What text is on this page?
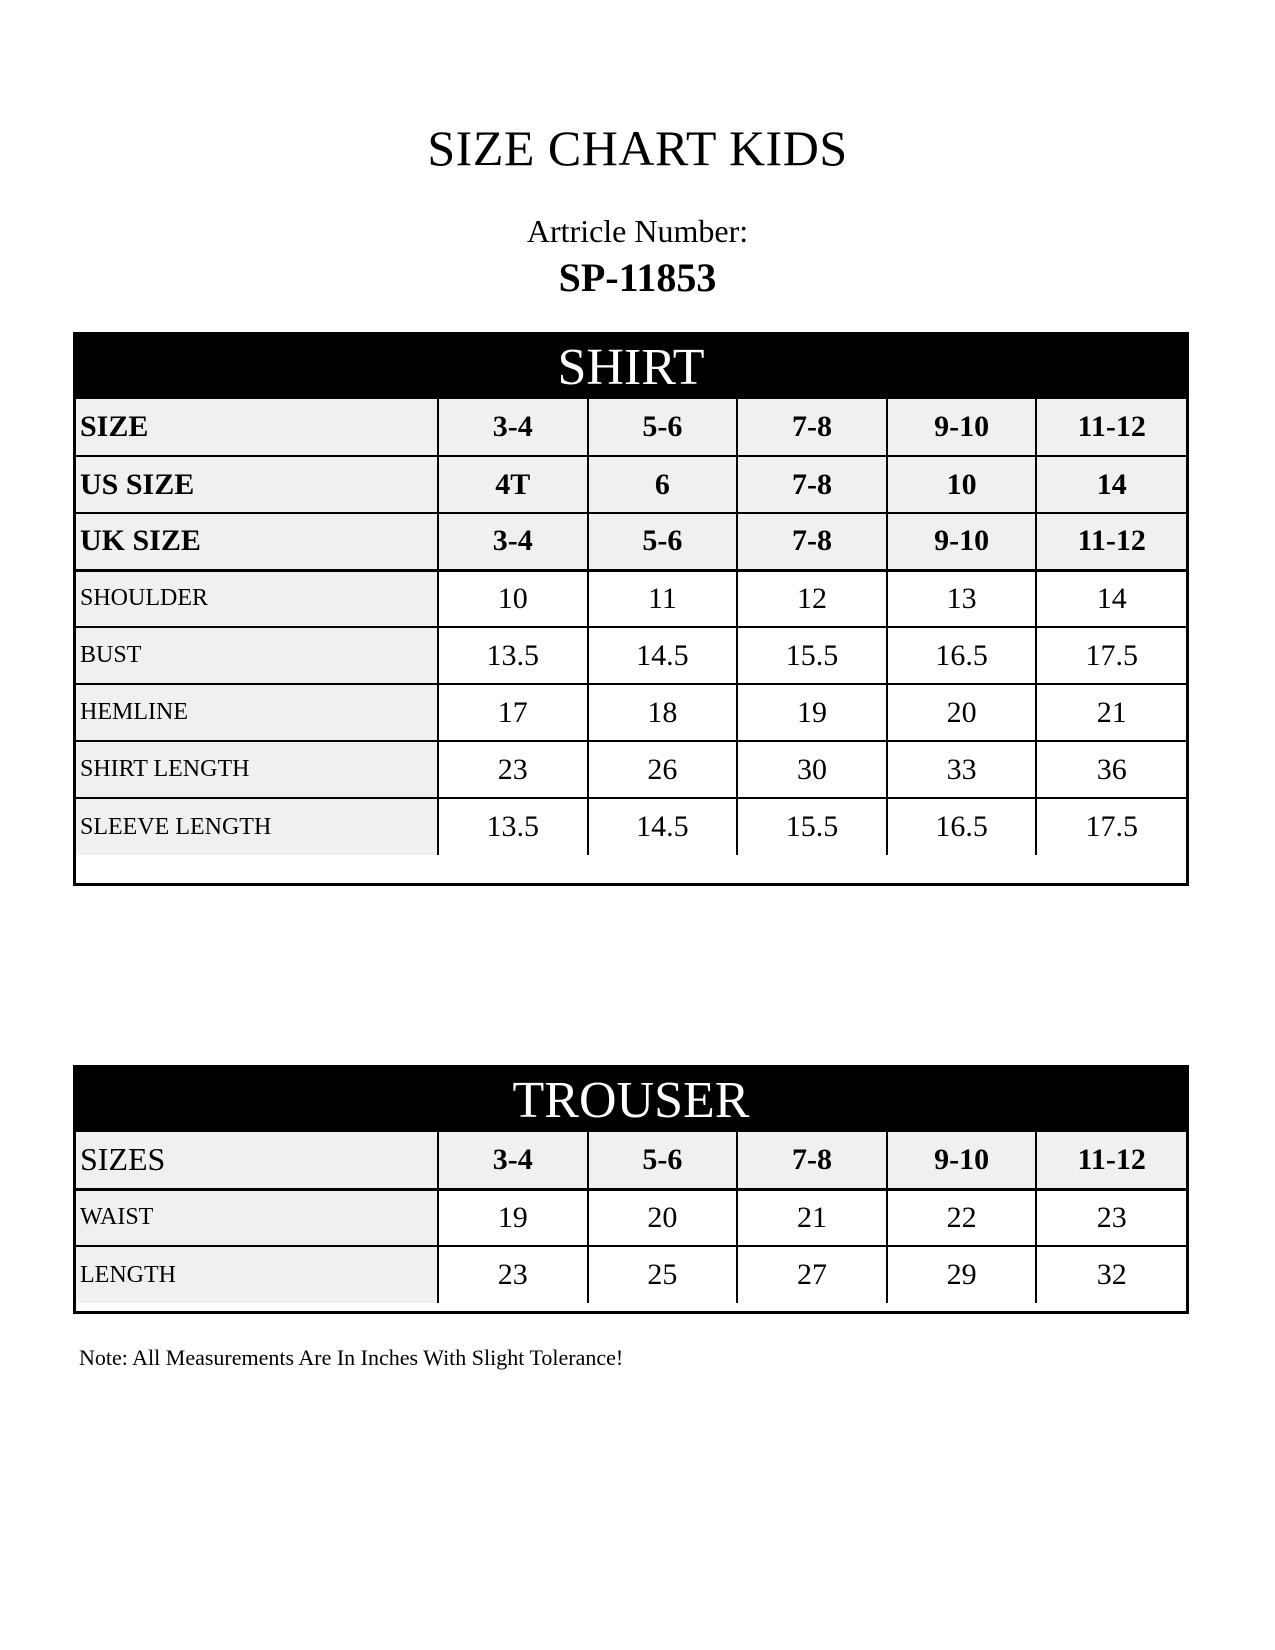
SIZE CHART KIDS
Artricle Number:
SP-11853
SHIRT
SIZE	3-4	5-6	7-8	9-10	11-12
US SIZE	4T	6	7-8	10	14
UK SIZE	3-4	5-6	7-8	9-10	11-12
SHOULDER	10	11	12	13	14
BUST	13.5	14.5	15.5	16.5	17.5
HEMLINE	17	18	19	20	21
SHIRT LENGTH	23	26	30	33	36
SLEEVE LENGTH	13.5	14.5	15.5	16.5	17.5
TROUSER
SIZES	3-4	5-6	7-8	9-10	11-12
WAIST	19	20	21	22	23
LENGTH	23	25	27	29	32
Note: All Measurements Are In Inches With Slight Tolerance!
